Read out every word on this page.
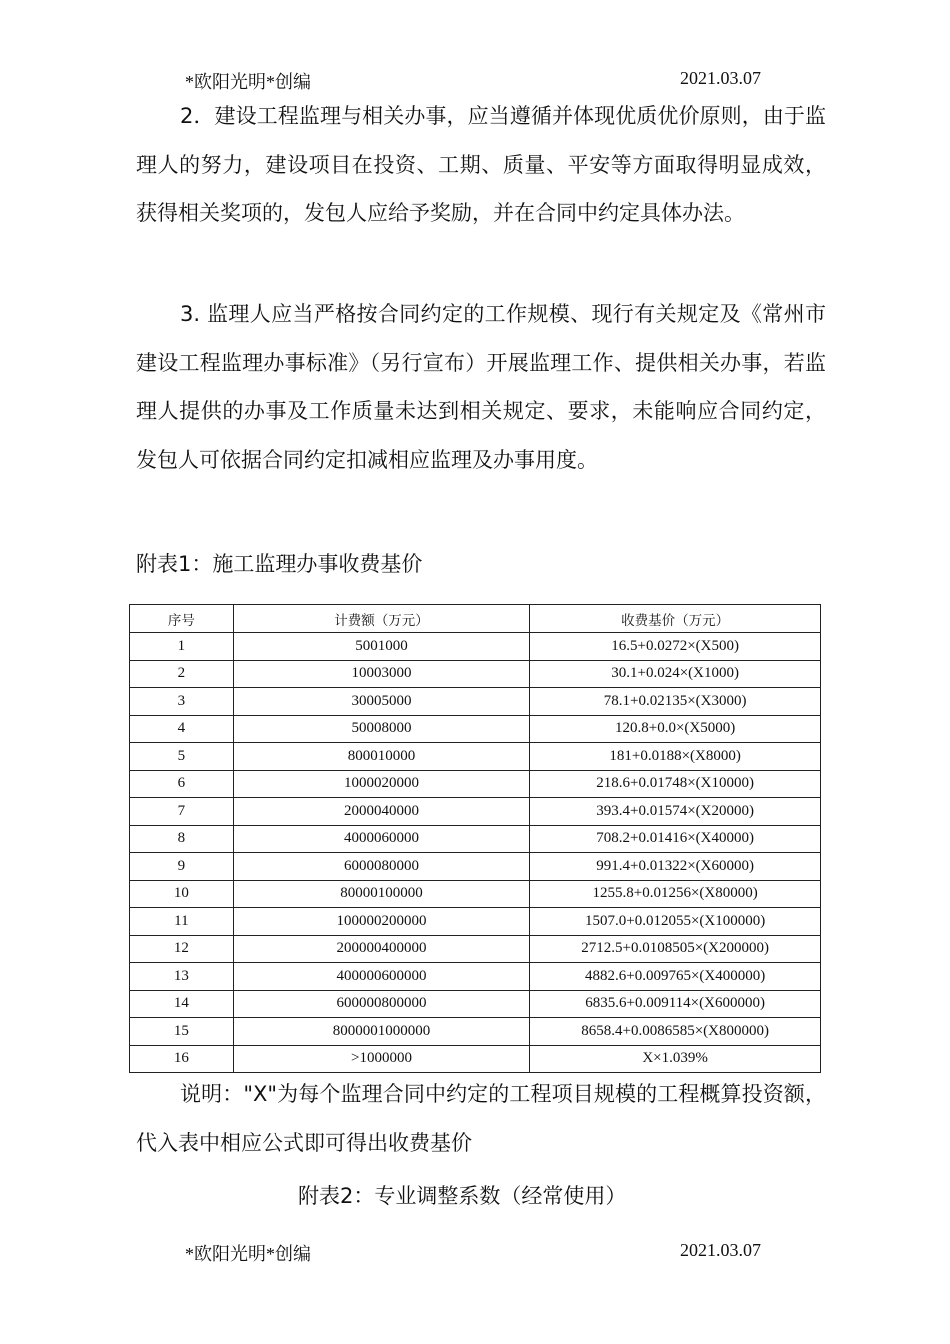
*欧阳光明*创编	2021.03.07

2．建设工程监理与相关办事，应当遵循并体现优质优价原则，由于监理人的努力，建设项目在投资、工期、质量、平安等方面取得明显成效，获得相关奖项的，发包人应给予奖励，并在合同中约定具体办法。

3. 监理人应当严格按合同约定的工作规模、现行有关规定及《常州市建设工程监理办事标准》（另行宣布）开展监理工作、提供相关办事，若监理人提供的办事及工作质量未达到相关规定、要求，未能响应合同约定，发包人可依据合同约定扣减相应监理及办事用度。

附表1：施工监理办事收费基价
序号	计费额（万元）	收费基价（万元）
1	5001000	16.5+0.0272×(X500)
2	10003000	30.1+0.024×(X1000)
3	30005000	78.1+0.02135×(X3000)
4	50008000	120.8+0.0×(X5000)
5	800010000	181+0.0188×(X8000)
6	1000020000	218.6+0.01748×(X10000)
7	2000040000	393.4+0.01574×(X20000)
8	4000060000	708.2+0.01416×(X40000)
9	6000080000	991.4+0.01322×(X60000)
10	80000100000	1255.8+0.01256×(X80000)
11	100000200000	1507.0+0.012055×(X100000)
12	200000400000	2712.5+0.0108505×(X200000)
13	400000600000	4882.6+0.009765×(X400000)
14	600000800000	6835.6+0.009114×(X600000)
15	8000001000000	8658.4+0.0086585×(X800000)
16	>1000000	X×1.039%

说明："X"为每个监理合同中约定的工程项目规模的工程概算投资额，代入表中相应公式即可得出收费基价

附表2：专业调整系数（经常使用）
*欧阳光明*创编	2021.03.07
